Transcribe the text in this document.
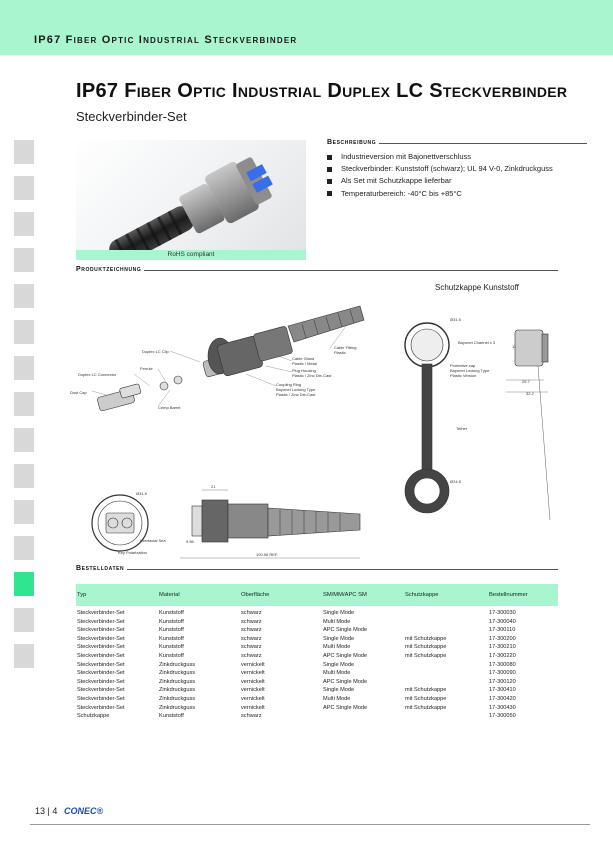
IP67 Fiber Optic Industrial Steckverbinder
IP67 Fiber Optic Industrial Duplex LC Steckverbinder
Steckverbinder-Set
RoHS compliant
Beschreibung
Industrieversion mit Bajonettverschluss
Steckverbinder: Kunststoff (schwarz); UL 94 V-0, Zinkdruckguss
Als Set mit Schutzkappe lieferbar
Temperaturbereich: -40°C bis +85°C
Produktzeichnung
Schutzkappe Kunststoff
Duplex LC Clip
Ferrule
Duplex LC Connector
Dust Cap
Crimp Barrel
Cable Gland
Plastic / Metal
Plug Housing
Plastic / Zinc Die-Cast
Coupling Ring
Bayonet Locking Type
Plastic / Zinc Die-Cast
Cable Fitting
Plastic
Ø31.5
Interfacial Sea
Key Polarization
21
9.56
100.96 REF.
Ø31.5
Bayonet Channel x 3
Protective cap
Bayonet Locking Type
Plastic Version
Tether
Ø24.5
11
25.7
32.2
Bestelldaten
Typ	Material	Oberfläche	SM/MM/APC SM	Schutzkappe	Bestellnummer
Steckverbinder-Set	Kunststoff	schwarz	Single Mode		17-300030
Steckverbinder-Set	Kunststoff	schwarz	Multi Mode		17-300040
Steckverbinder-Set	Kunststoff	schwarz	APC Single Mode		17-300110
Steckverbinder-Set	Kunststoff	schwarz	Single Mode	mit Schutzkappe	17-300200
Steckverbinder-Set	Kunststoff	schwarz	Multi Mode	mit Schutzkappe	17-300210
Steckverbinder-Set	Kunststoff	schwarz	APC Single Mode	mit Schutzkappe	17-300220
Steckverbinder-Set	Zinkdruckguss	vernickelt	Single Mode		17-300080
Steckverbinder-Set	Zinkdruckguss	vernickelt	Multi Mode		17-300090
Steckverbinder-Set	Zinkdruckguss	vernickelt	APC Single Mode		17-300120
Steckverbinder-Set	Zinkdruckguss	vernickelt	Single Mode	mit Schutzkappe	17-300410
Steckverbinder-Set	Zinkdruckguss	vernickelt	Multi Mode	mit Schutzkappe	17-300420
Steckverbinder-Set	Zinkdruckguss	vernickelt	APC Single Mode	mit Schutzkappe	17-300430
Schutzkappe	Kunststoff	schwarz			17-300050
13 | 4 CONEC®
